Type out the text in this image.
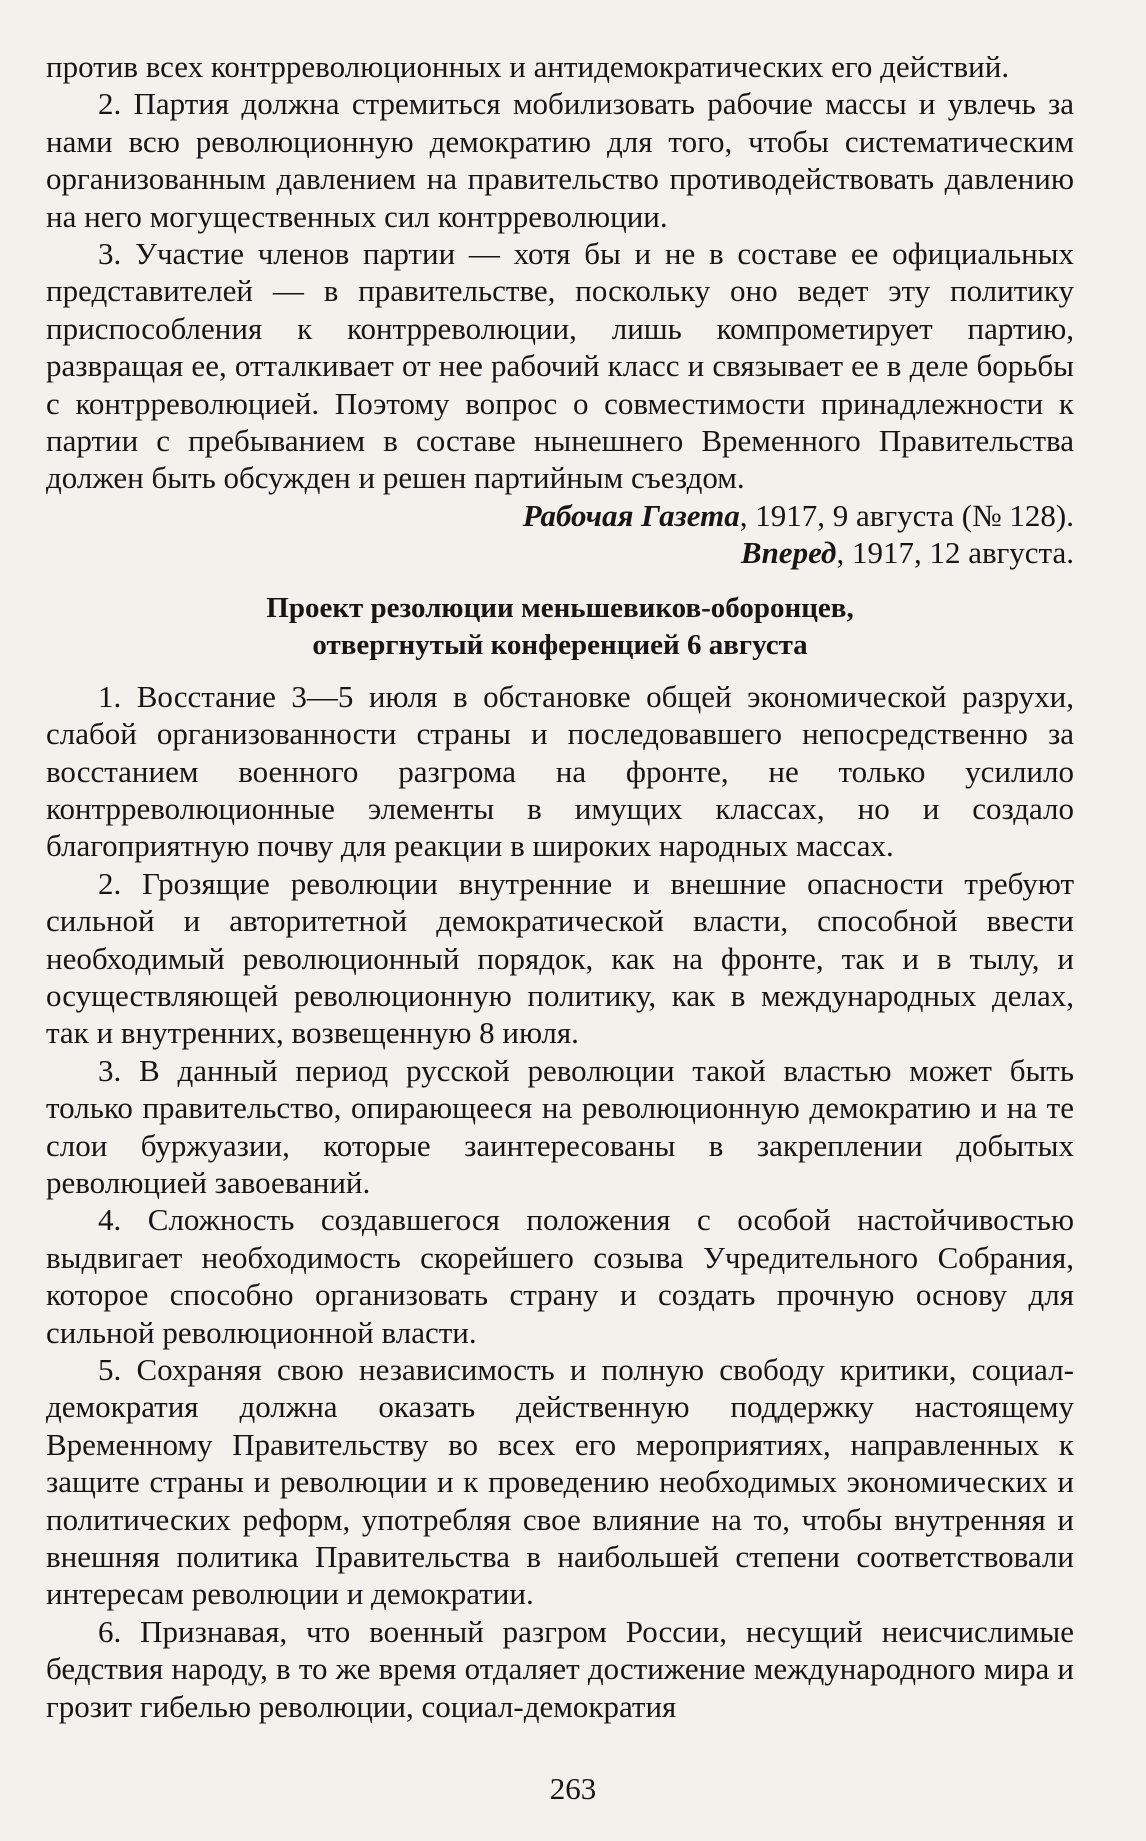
против всех контрреволюционных и антидемократических его действий.

2. Партия должна стремиться мобилизовать рабочие массы и увлечь за нами всю революционную демократию для того, чтобы систематическим организованным давлением на правительство противодействовать давлению на него могущественных сил контрреволюции.

3. Участие членов партии — хотя бы и не в составе ее официальных представителей — в правительстве, поскольку оно ведет эту политику приспособления к контрреволюции, лишь компрометирует партию, развращая ее, отталкивает от нее рабочий класс и связывает ее в деле борьбы с контрреволюцией. Поэтому вопрос о совместимости принадлежности к партии с пребыванием в составе нынешнего Временного Правительства должен быть обсужден и решен партийным съездом.

Рабочая Газета, 1917, 9 августа (№ 128).

Вперед, 1917, 12 августа.

Проект резолюции меньшевиков-оборонцев,
отвергнутый конференцией 6 августа

1. Восстание 3—5 июля в обстановке общей экономической разрухи, слабой организованности страны и последовавшего непосредственно за восстанием военного разгрома на фронте, не только усилило контрреволюционные элементы в имущих классах, но и создало благоприятную почву для реакции в широких народных массах.

2. Грозящие революции внутренние и внешние опасности требуют сильной и авторитетной демократической власти, способной ввести необходимый революционный порядок, как на фронте, так и в тылу, и осуществляющей революционную политику, как в международных делах, так и внутренних, возвещенную 8 июля.

3. В данный период русской революции такой властью может быть только правительство, опирающееся на революционную демократию и на те слои буржуазии, которые заинтересованы в закреплении добытых революцией завоеваний.

4. Сложность создавшегося положения с особой настойчивостью выдвигает необходимость скорейшего созыва Учредительного Собрания, которое способно организовать страну и создать прочную основу для сильной революционной власти.

5. Сохраняя свою независимость и полную свободу критики, социал-демократия должна оказать действенную поддержку настоящему Временному Правительству во всех его мероприятиях, направленных к защите страны и революции и к проведению необходимых экономических и политических реформ, употребляя свое влияние на то, чтобы внутренняя и внешняя политика Правительства в наибольшей степени соответствовали интересам революции и демократии.

6. Признавая, что военный разгром России, несущий неисчислимые бедствия народу, в то же время отдаляет достижение международного мира и грозит гибелью революции, социал-демократия

263
